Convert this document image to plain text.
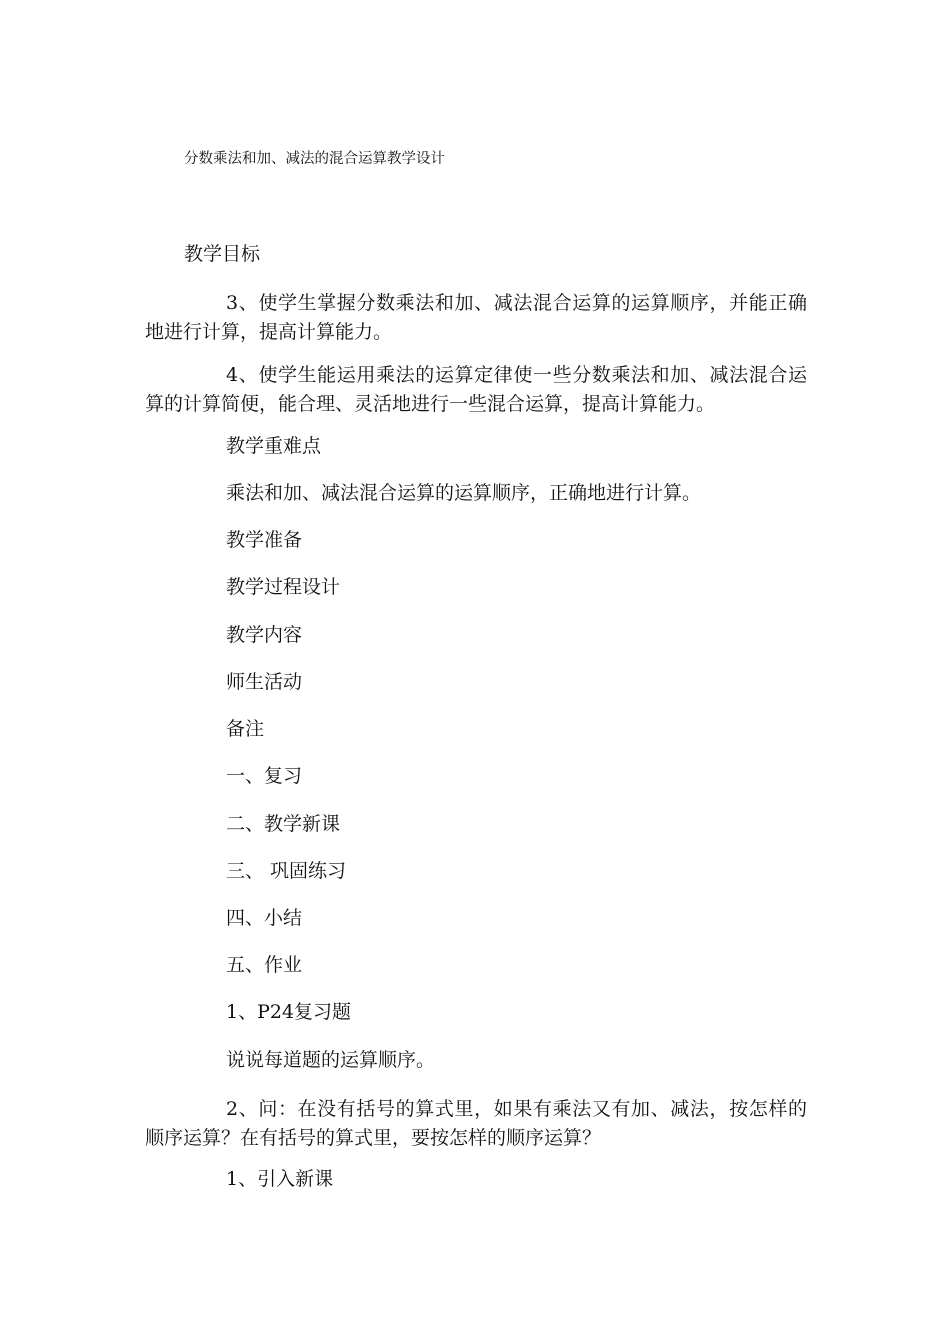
分数乘法和加、减法的混合运算教学设计
教学目标
3、使学生掌握分数乘法和加、减法混合运算的运算顺序，并能正确地进行计算，提高计算能力。
4、使学生能运用乘法的运算定律使一些分数乘法和加、减法混合运算的计算简便，能合理、灵活地进行一些混合运算，提高计算能力。
教学重难点
乘法和加、减法混合运算的运算顺序，正确地进行计算。
教学准备
教学过程设计
教学内容
师生活动
备注
一、复习
二、教学新课
三、 巩固练习
四、小结
五、作业
1、P24复习题
说说每道题的运算顺序。
2、问：在没有括号的算式里，如果有乘法又有加、减法，按怎样的顺序运算？在有括号的算式里，要按怎样的顺序运算？
1、引入新课
